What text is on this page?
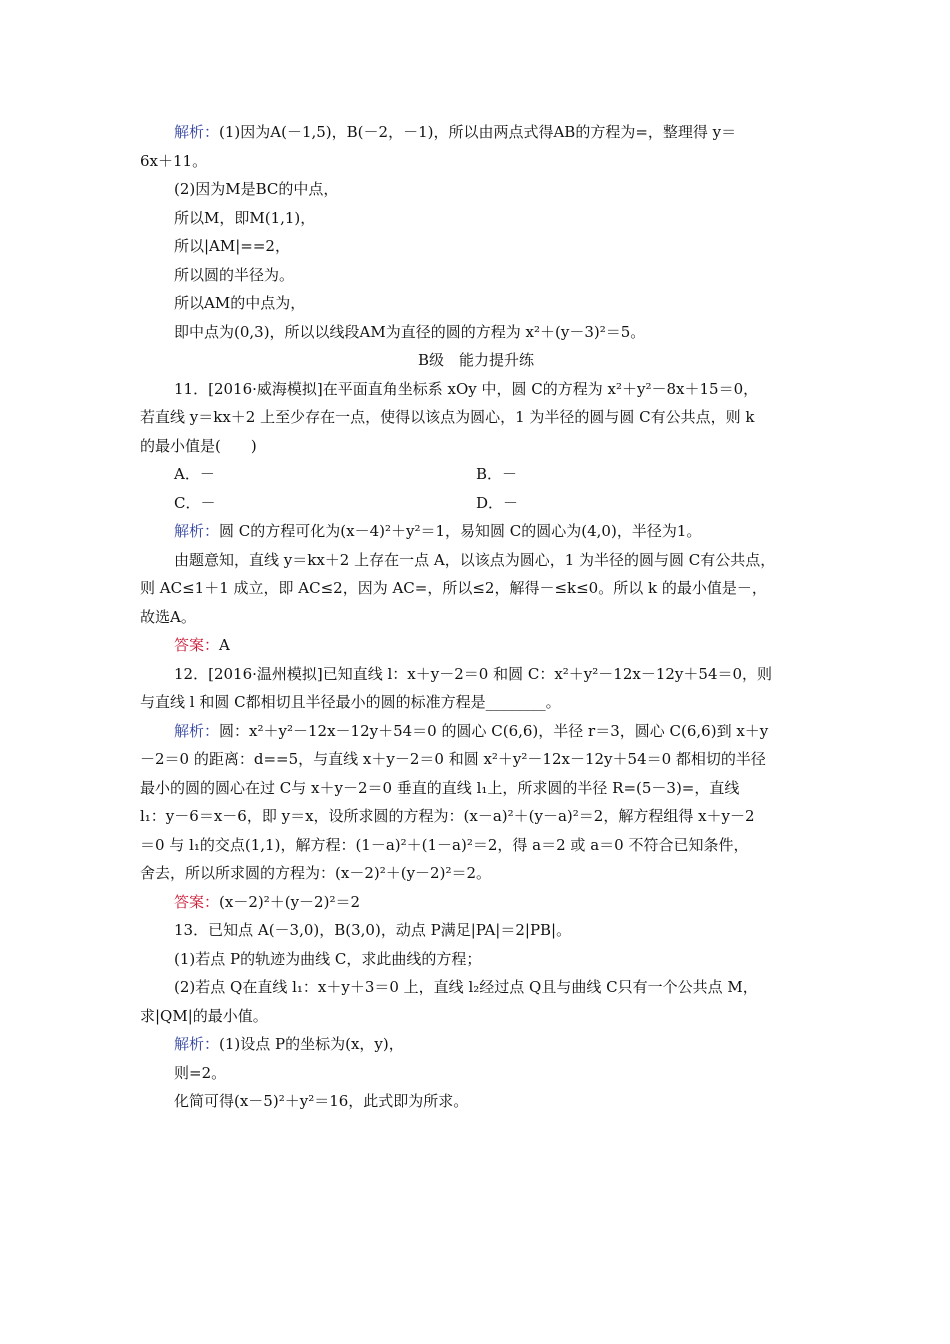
解析：(1)因为A(－1,5)，B(－2，－1)，所以由两点式得AB的方程为=，整理得 y＝
6x＋11。
(2)因为M是BC的中点，
所以M，即M(1,1)，
所以|AM|==2，
所以圆的半径为。
所以AM的中点为，
即中点为(0,3)，所以以线段AM为直径的圆的方程为 x²＋(y－3)²＝5。
B级　能力提升练
11．[2016·威海模拟]在平面直角坐标系 xOy 中，圆 C的方程为 x²＋y²－8x＋15＝0，
若直线 y＝kx＋2 上至少存在一点，使得以该点为圆心，1 为半径的圆与圆 C有公共点，则 k
的最小值是(　　)
A．－	B．－
C．－	D．－
解析：圆 C的方程可化为(x－4)²＋y²＝1，易知圆 C的圆心为(4,0)，半径为1。
由题意知，直线 y＝kx＋2 上存在一点 A，以该点为圆心，1 为半径的圆与圆 C有公共点，
则 AC≤1＋1 成立，即 AC≤2，因为 AC=，所以≤2，解得－≤k≤0。所以 k 的最小值是－，
故选A。
答案：A
12．[2016·温州模拟]已知直线 l：x＋y－2＝0 和圆 C：x²＋y²－12x－12y＋54＝0，则
与直线 l 和圆 C都相切且半径最小的圆的标准方程是________。
解析：圆：x²＋y²－12x－12y＋54＝0 的圆心 C(6,6)，半径 r＝3，圆心 C(6,6)到 x＋y
－2＝0 的距离：d==5，与直线 x＋y－2＝0 和圆 x²＋y²－12x－12y＋54＝0 都相切的半径
最小的圆的圆心在过 C与 x＋y－2＝0 垂直的直线 l₁上，所求圆的半径 R=(5－3)=，直线
l₁：y－6＝x－6，即 y＝x，设所求圆的方程为：(x－a)²＋(y－a)²＝2，解方程组得 x＋y－2
＝0 与 l₁的交点(1,1)，解方程：(1－a)²＋(1－a)²＝2，得 a＝2 或 a＝0 不符合已知条件，
舍去，所以所求圆的方程为：(x－2)²＋(y－2)²＝2。
答案：(x－2)²＋(y－2)²＝2
13．已知点 A(－3,0)，B(3,0)，动点 P满足|PA|＝2|PB|。
(1)若点 P的轨迹为曲线 C，求此曲线的方程；
(2)若点 Q在直线 l₁：x＋y＋3＝0 上，直线 l₂经过点 Q且与曲线 C只有一个公共点 M，
求|QM|的最小值。
解析：(1)设点 P的坐标为(x，y)，
则=2。
化简可得(x－5)²＋y²＝16，此式即为所求。
